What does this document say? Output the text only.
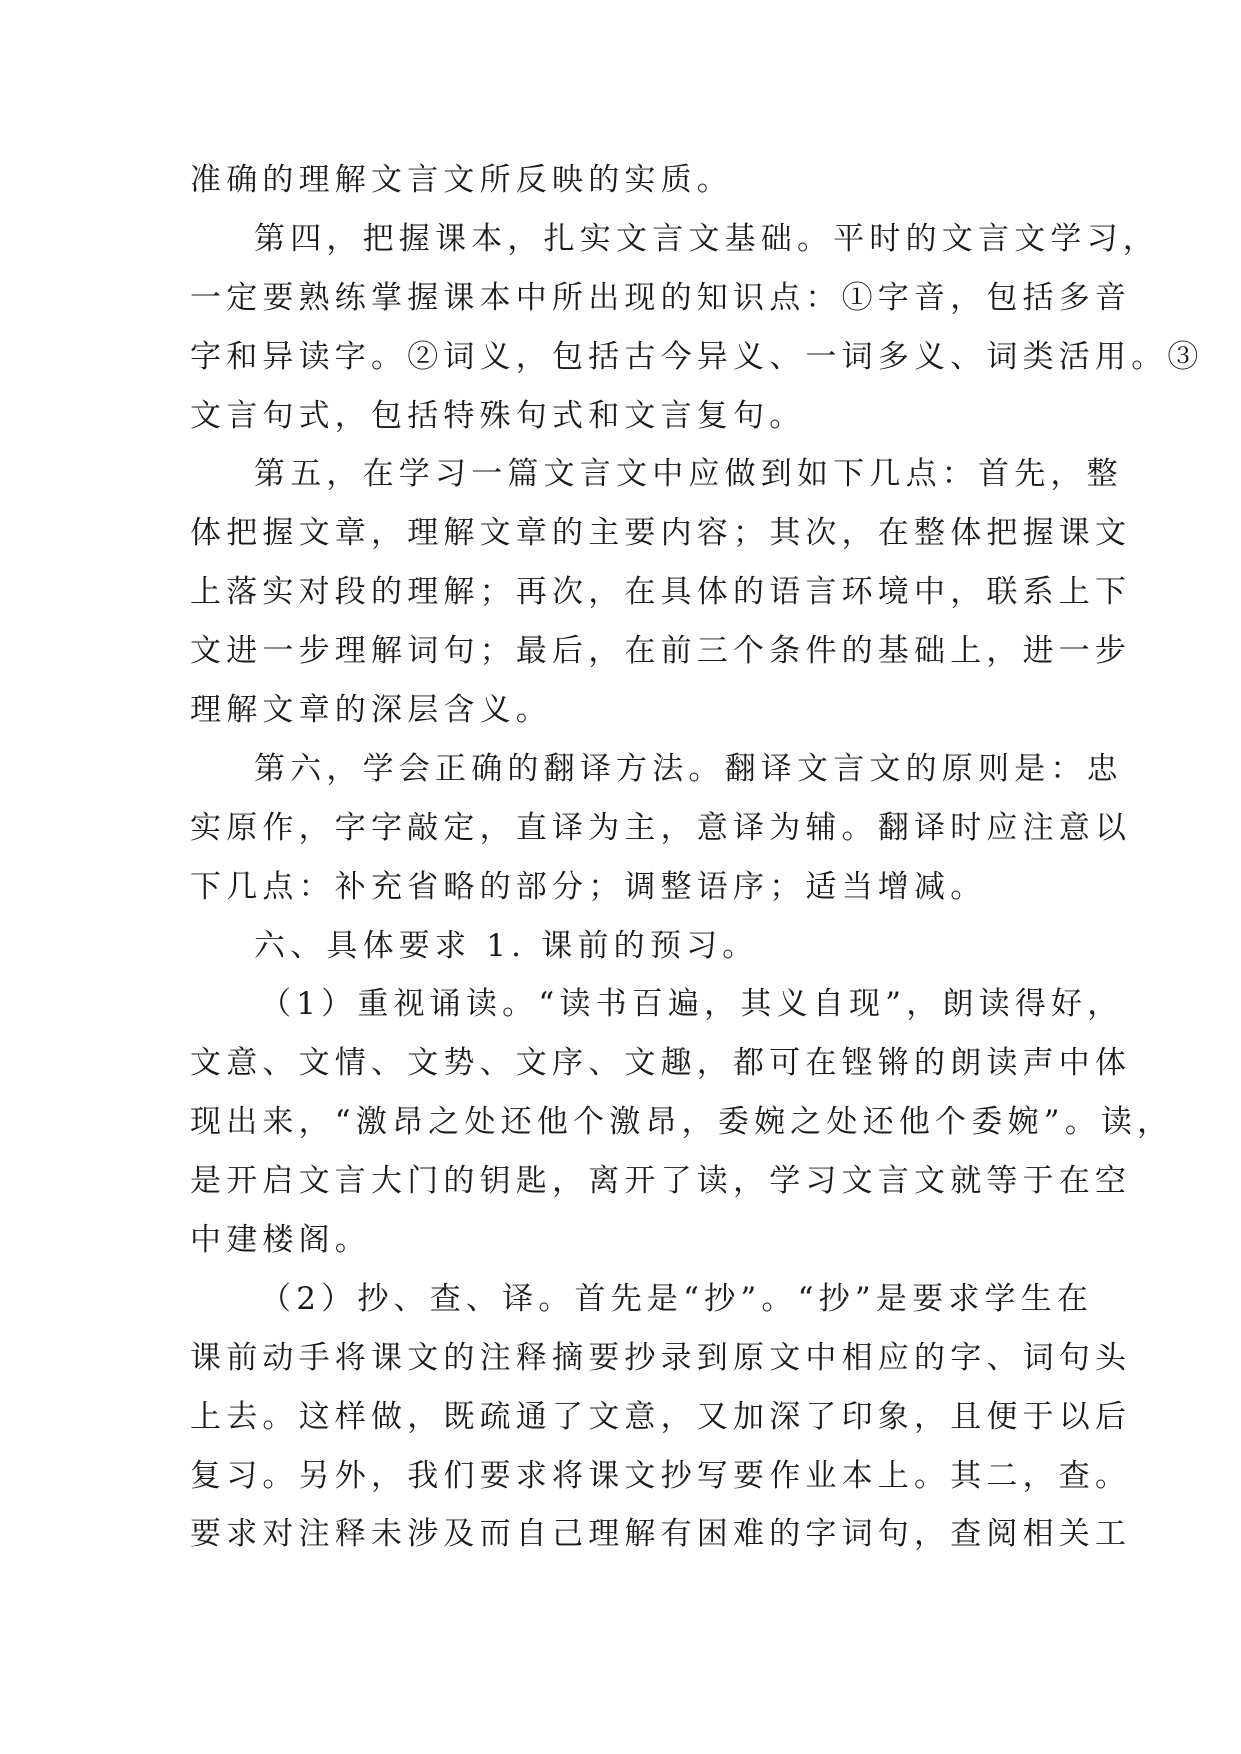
准确的理解文言文所反映的实质。
第四，把握课本，扎实文言文基础。平时的文言文学习，
一定要熟练掌握课本中所出现的知识点：①字音，包括多音
字和异读字。②词义，包括古今异义、一词多义、词类活用。③
文言句式，包括特殊句式和文言复句。
第五，在学习一篇文言文中应做到如下几点：首先，整
体把握文章，理解文章的主要内容；其次，在整体把握课文
上落实对段的理解；再次，在具体的语言环境中，联系上下
文进一步理解词句；最后，在前三个条件的基础上，进一步
理解文章的深层含义。
第六，学会正确的翻译方法。翻译文言文的原则是：忠
实原作，字字敲定，直译为主，意译为辅。翻译时应注意以
下几点：补充省略的部分；调整语序；适当增减。
六、具体要求 1. 课前的预习。
（1）重视诵读。“读书百遍，其义自现”，朗读得好，
文意、文情、文势、文序、文趣，都可在铿锵的朗读声中体
现出来，“激昂之处还他个激昂，委婉之处还他个委婉”。读，
是开启文言大门的钥匙，离开了读，学习文言文就等于在空
中建楼阁。
（2）抄、查、译。首先是“抄”。“抄”是要求学生在
课前动手将课文的注释摘要抄录到原文中相应的字、词句头
上去。这样做，既疏通了文意，又加深了印象，且便于以后
复习。另外，我们要求将课文抄写要作业本上。其二，查。
要求对注释未涉及而自己理解有困难的字词句，查阅相关工
